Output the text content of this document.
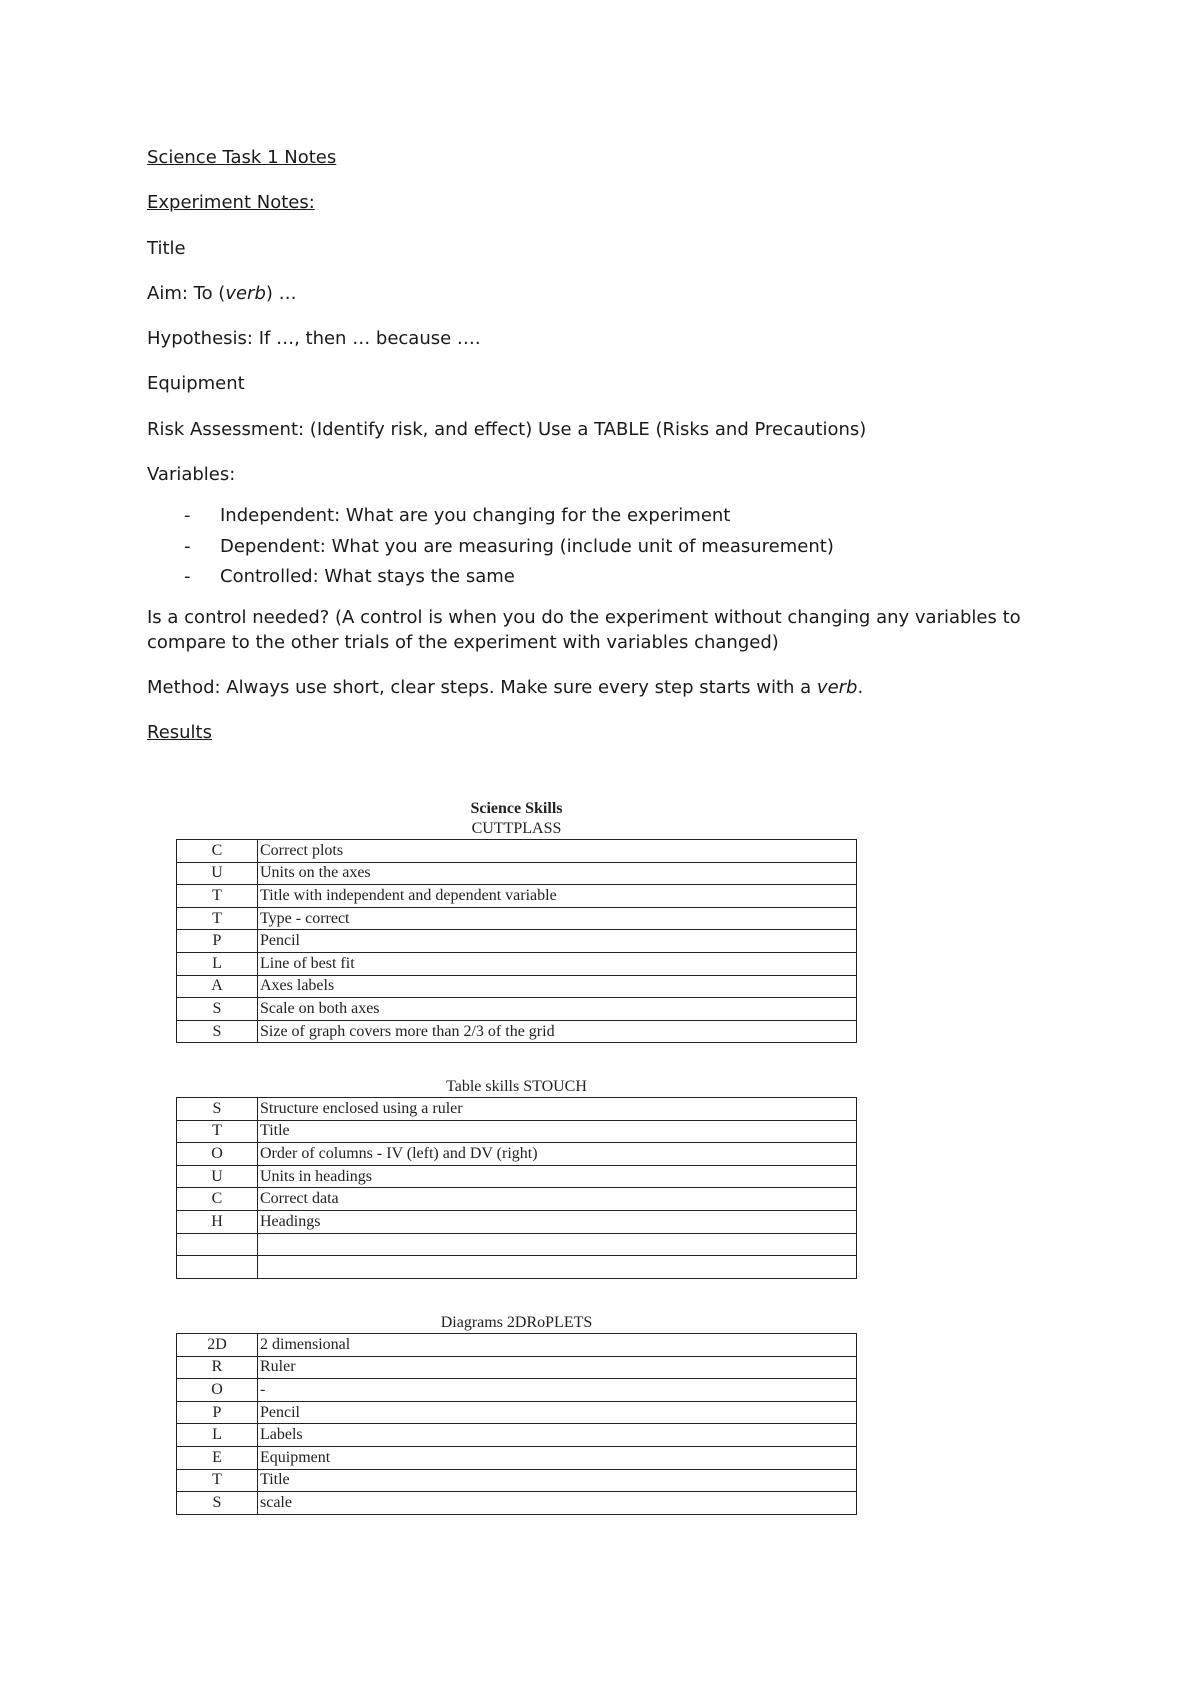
Science Task 1 Notes

Experiment Notes:

Title

Aim: To (verb) …

Hypothesis: If …, then … because ….

Equipment

Risk Assessment: (Identify risk, and effect) Use a TABLE (Risks and Precautions)

Variables:

- Independent: What are you changing for the experiment
- Dependent: What you are measuring (include unit of measurement)
- Controlled: What stays the same

Is a control needed? (A control is when you do the experiment without changing any variables to compare to the other trials of the experiment with variables changed)

Method: Always use short, clear steps. Make sure every step starts with a verb.

Results

Science Skills
CUTTPLASS
C	Correct plots
U	Units on the axes
T	Title with independent and dependent variable
T	Type - correct
P	Pencil
L	Line of best fit
A	Axes labels
S	Scale on both axes
S	Size of graph covers more than 2/3 of the grid
Table skills STOUCH
S	Structure enclosed using a ruler
T	Title
O	Order of columns - IV (left) and DV (right)
U	Units in headings
C	Correct data
H	Headings

Diagrams 2DRoPLETS
2D	2 dimensional
R	Ruler
O	-
P	Pencil
L	Labels
E	Equipment
T	Title
S	scale
